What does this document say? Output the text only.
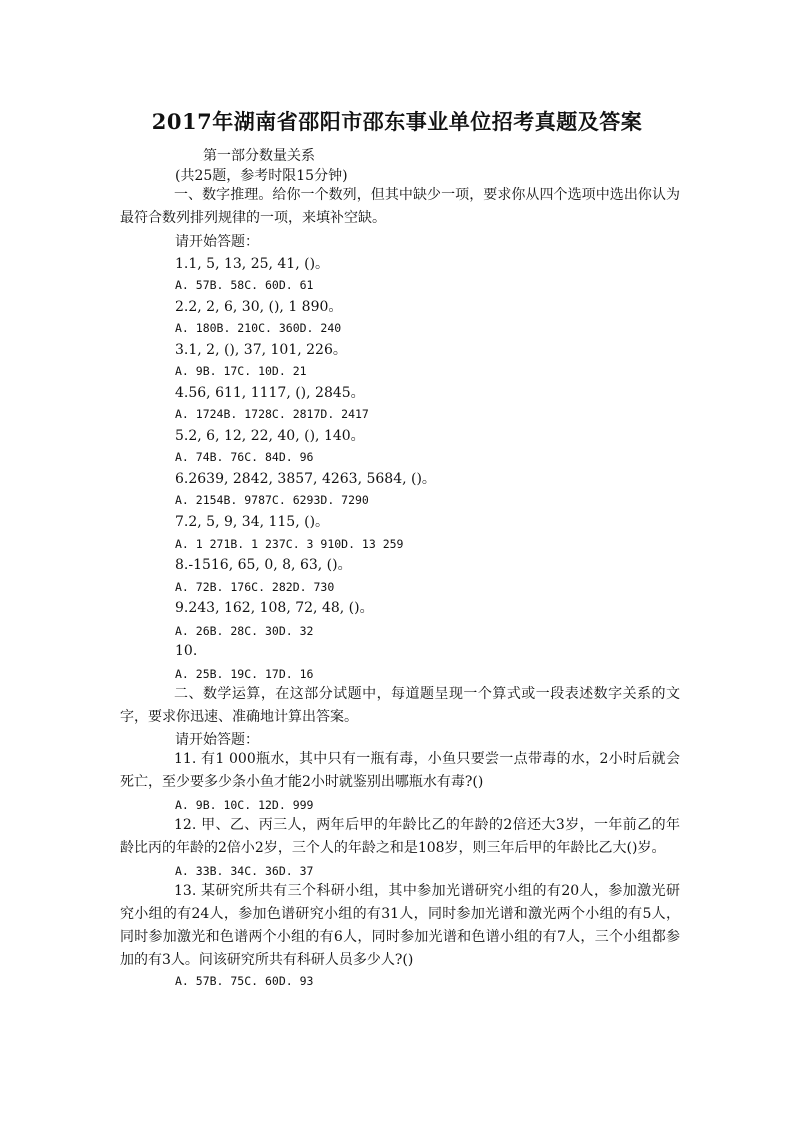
2017年湖南省邵阳市邵东事业单位招考真题及答案
第一部分数量关系
(共25题，参考时限15分钟)
一、数字推理。给你一个数列，但其中缺少一项，要求你从四个选项中选出你认为最符合数列排列规律的一项，来填补空缺。
请开始答题：
1.1, 5, 13, 25, 41, ()。
A. 57B. 58C. 60D. 61
2.2, 2, 6, 30, (), 1 890。
A. 180B. 210C. 360D. 240
3.1, 2, (), 37, 101, 226。
A. 9B. 17C. 10D. 21
4.56, 611, 1117, (), 2845。
A. 1724B. 1728C. 2817D. 2417
5.2, 6, 12, 22, 40, (), 140。
A. 74B. 76C. 84D. 96
6.2639, 2842, 3857, 4263, 5684, ()。
A. 2154B. 9787C. 6293D. 7290
7.2, 5, 9, 34, 115, ()。
A. 1 271B. 1 237C. 3 910D. 13 259
8.-1516, 65, 0, 8, 63, ()。
A. 72B. 176C. 282D. 730
9.243, 162, 108, 72, 48, ()。
A. 26B. 28C. 30D. 32
10.
A. 25B. 19C. 17D. 16
二、数学运算，在这部分试题中，每道题呈现一个算式或一段表述数字关系的文字，要求你迅速、准确地计算出答案。
请开始答题：
11. 有1 000瓶水，其中只有一瓶有毒，小鱼只要尝一点带毒的水，2小时后就会死亡，至少要多少条小鱼才能2小时就鉴别出哪瓶水有毒?()
A. 9B. 10C. 12D. 999
12. 甲、乙、丙三人，两年后甲的年龄比乙的年龄的2倍还大3岁，一年前乙的年龄比丙的年龄的2倍小2岁，三个人的年龄之和是108岁，则三年后甲的年龄比乙大()岁。
A. 33B. 34C. 36D. 37
13. 某研究所共有三个科研小组，其中参加光谱研究小组的有20人，参加激光研究小组的有24人，参加色谱研究小组的有31人，同时参加光谱和激光两个小组的有5人，同时参加激光和色谱两个小组的有6人，同时参加光谱和色谱小组的有7人，三个小组都参加的有3人。问该研究所共有科研人员多少人?()
A. 57B. 75C. 60D. 93
